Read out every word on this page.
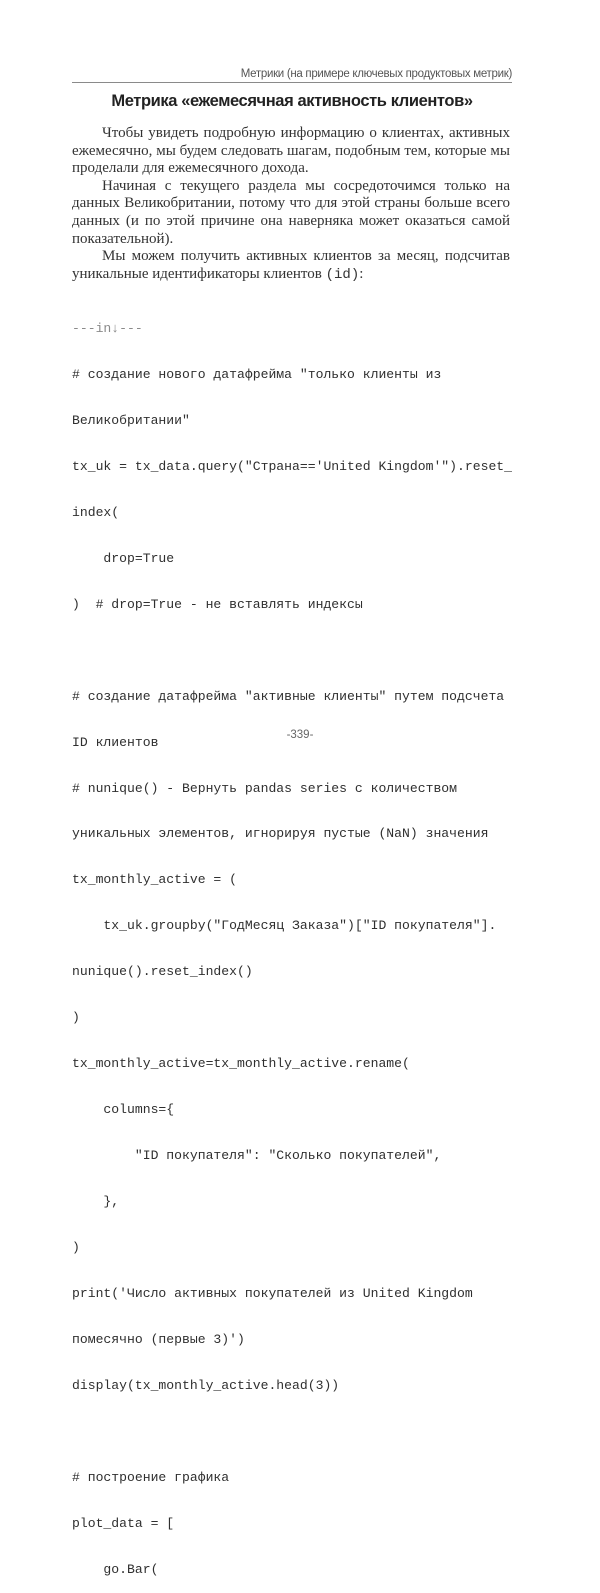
Метрики (на примере ключевых продуктовых метрик)
Метрика «ежемесячная активность клиентов»

Чтобы увидеть подробную информацию о клиентах, активных ежемесячно, мы будем следовать шагам, подобным тем, которые мы проделали для ежемесячного дохода.

Начиная с текущего раздела мы сосредоточимся только на данных Великобритании, потому что для этой страны больше всего данных (и по этой причине она наверняка может оказаться самой показательной).

Мы можем получить активных клиентов за месяц, подсчитав уникальные идентификаторы клиентов (id):

---in↓---

# создание нового датафрейма "только клиенты из

Великобритании"

tx_uk = tx_data.query("Страна=='United Kingdom'").reset_

index(

drop=True

)  # drop=True - не вставлять индексы

# создание датафрейма "активные клиенты" путем подсчета

ID клиентов

# nunique() - Вернуть pandas series с количеством

уникальных элементов, игнорируя пустые (NaN) значения

tx_monthly_active = (

tx_uk.groupby("ГодМесяц Заказа")["ID покупателя"].

nunique().reset_index()

)

tx_monthly_active=tx_monthly_active.rename(

columns={

"ID покупателя": "Сколько покупателей",

},

)

print('Число активных покупателей из United Kingdom

помесячно (первые 3)')

display(tx_monthly_active.head(3))

# построение графика

plot_data = [

go.Bar(

-339-
